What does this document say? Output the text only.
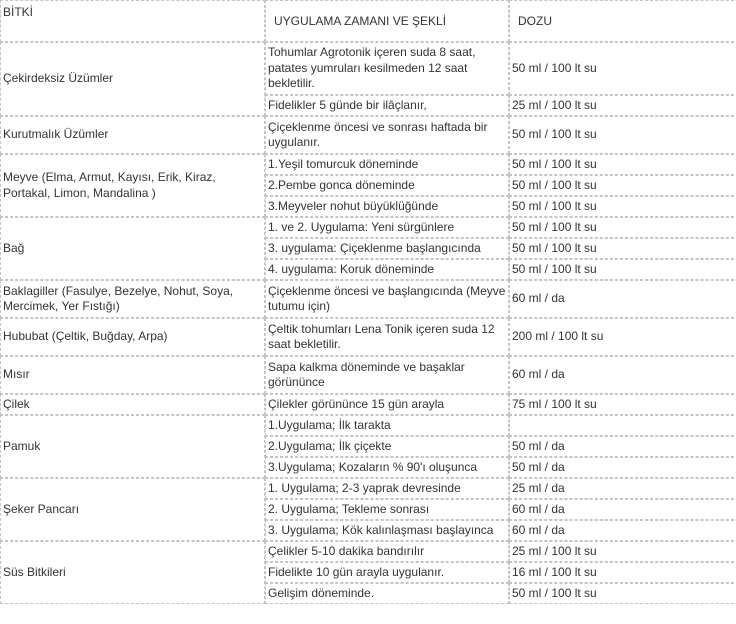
BİTKİ	UYGULAMA ZAMANI VE ŞEKLİ	DOZU
Çekirdeksiz Üzümler	Tohumlar Agrotonik içeren suda 8 saat, patates yumruları kesilmeden 12 saat bekletilir.	50 ml / 100 lt su
	Fidelikler 5 günde bir ilâçlanır,	25 ml / 100 lt su
Kurutmalık Üzümler	Çiçeklenme öncesi ve sonrası haftada bir uygulanır.	50 ml / 100 lt su
Meyve (Elma, Armut, Kayısı, Erik, Kiraz, Portakal, Limon, Mandalina )	1.Yeşil tomurcuk döneminde	50 ml / 100 lt su
	2.Pembe gonca döneminde	50 ml / 100 lt su
	3.Meyveler nohut büyüklüğünde	50 ml / 100 lt su
Bağ	1. ve 2. Uygulama: Yeni sürgünlere	50 ml / 100 lt su
	3. uygulama: Çiçeklenme başlangıcında	50 ml / 100 lt su
	4. uygulama: Koruk döneminde	50 ml / 100 lt su
Baklagiller (Fasulye, Bezelye, Nohut, Soya, Mercimek, Yer Fıstığı)	Çiçeklenme öncesi ve başlangıcında (Meyve tutumu için)	60 ml / da
Hububat (Çeltik, Buğday, Arpa)	Çeltik tohumları Lena Tonik içeren suda 12 saat bekletilir.	200 ml / 100 lt su
Mısır	Sapa kalkma döneminde ve başaklar görününce	60 ml / da
Çilek	Çilekler görününce 15 gün arayla	75 ml / 100 lt su
Pamuk	1.Uygulama; İlk tarakta	
	2.Uygulama; İlk çiçekte	50 ml / da
	3.Uygulama; Kozaların % 90'ı oluşunca	50 ml / da
Şeker Pancarı	1. Uygulama; 2-3 yaprak devresinde	25 ml / da
	2. Uygulama; Tekleme sonrası	60 ml / da
	3. Uygulama; Kök kalınlaşması başlayınca	60 ml / da
Süs Bitkileri	Çelikler 5-10 dakika bandırılır	25 ml / 100 lt su
	Fidelikte 10 gün arayla uygulanır.	16 ml / 100 lt su
	Gelişim döneminde.	50 ml / 100 lt su
